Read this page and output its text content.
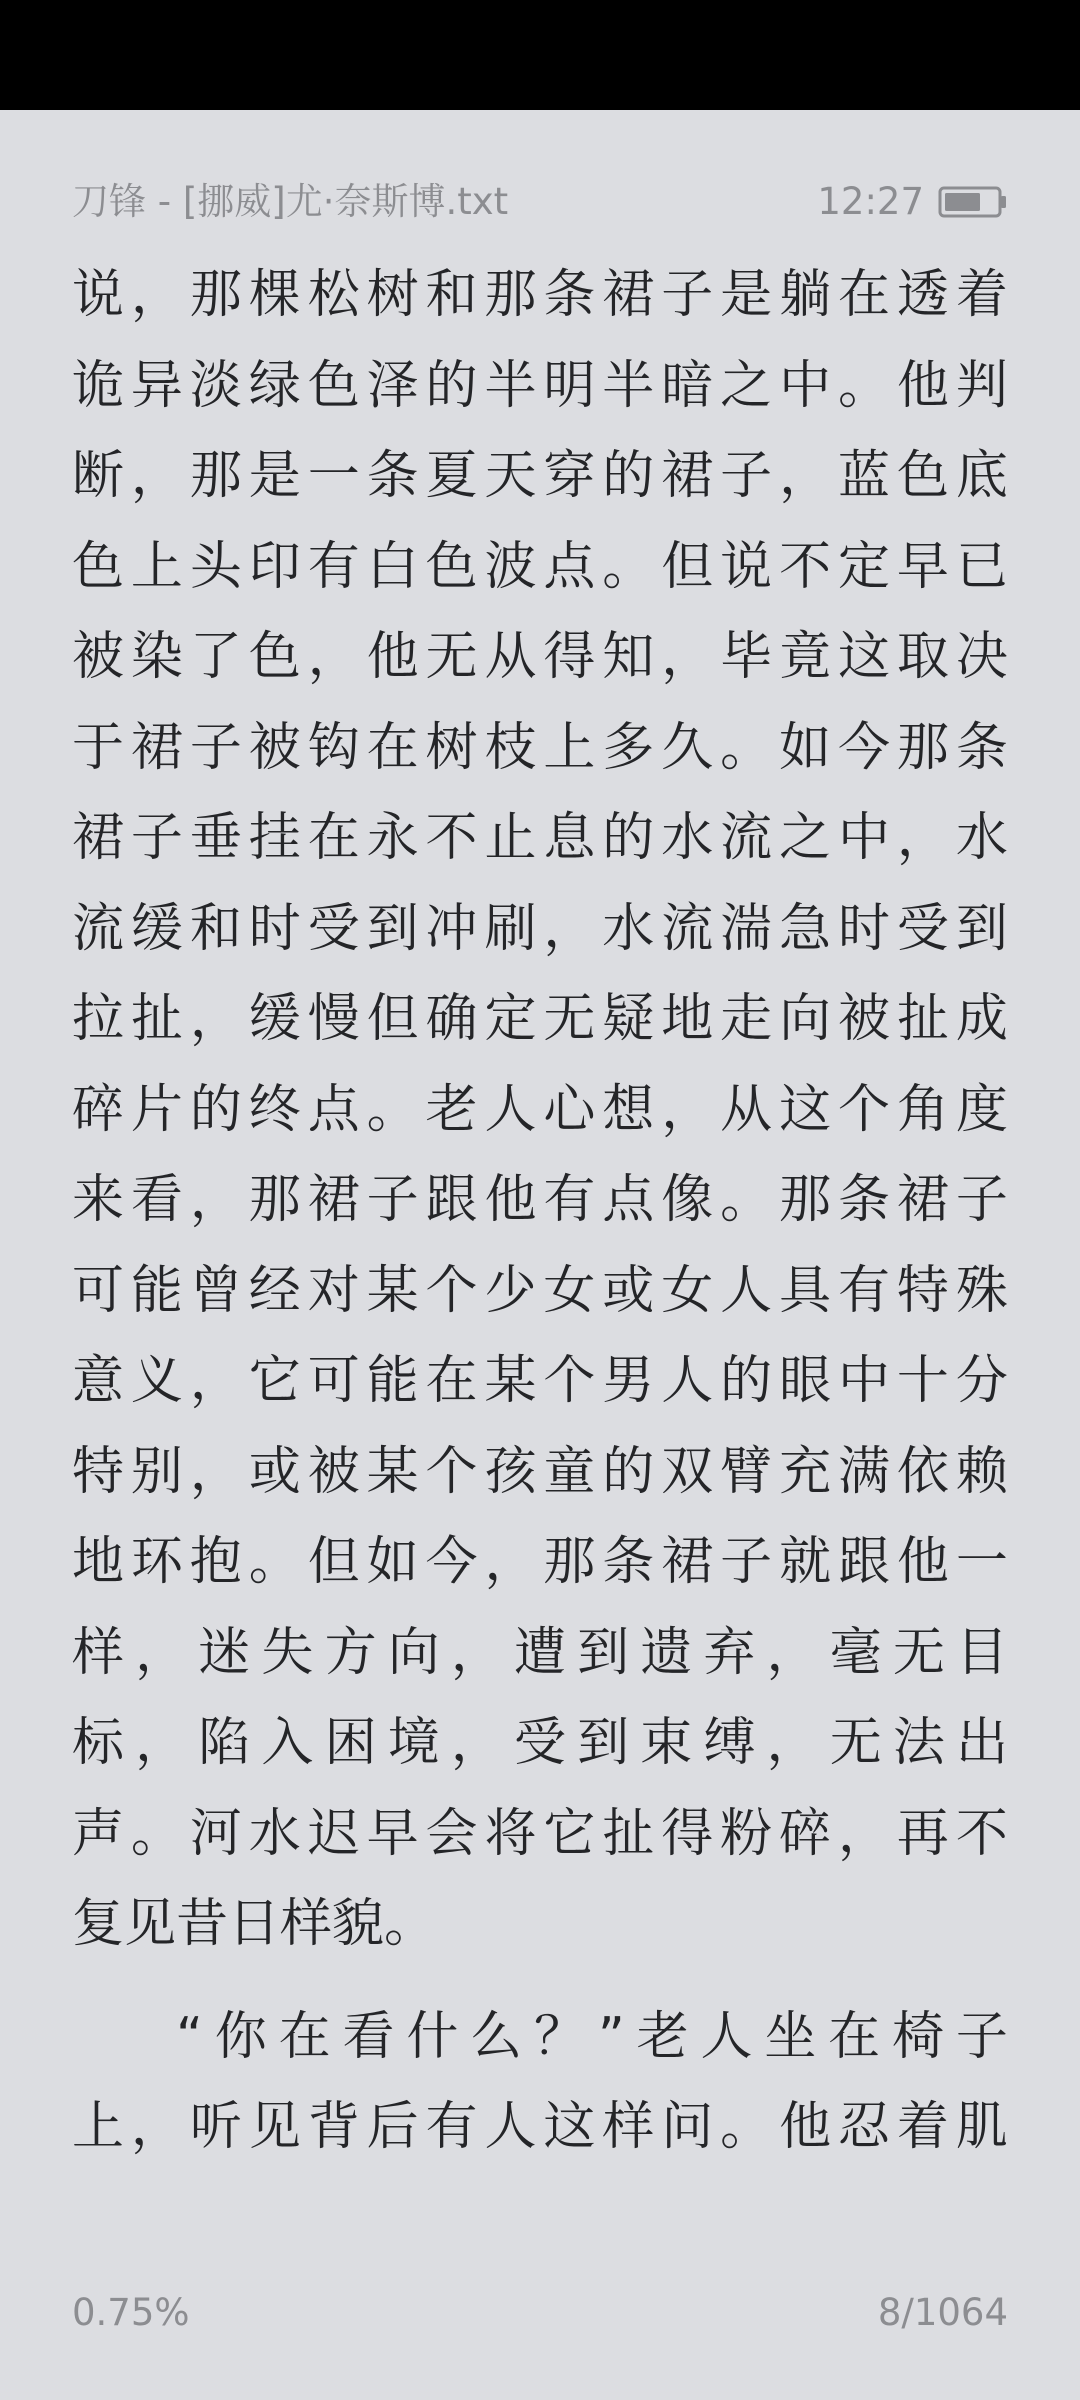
刀锋 - [挪威]尤·奈斯博.txt	12:27
说 ， 那 棵 松 树 和 那 条 裙 子 是 躺 在 透 着
诡 异 淡 绿 色 泽 的 半 明 半 暗 之 中 。 他 判
断 ， 那 是 一 条 夏 天 穿 的 裙 子 ， 蓝 色 底
色 上 头 印 有 白 色 波 点 。 但 说 不 定 早 已
被 染 了 色 ， 他 无 从 得 知 ， 毕 竟 这 取 决
于 裙 子 被 钩 在 树 枝 上 多 久 。 如 今 那 条
裙 子 垂 挂 在 永 不 止 息 的 水 流 之 中 ， 水
流 缓 和 时 受 到 冲 刷 ， 水 流 湍 急 时 受 到
拉 扯 ， 缓 慢 但 确 定 无 疑 地 走 向 被 扯 成
碎 片 的 终 点 。 老 人 心 想 ， 从 这 个 角 度
来 看 ， 那 裙 子 跟 他 有 点 像 。 那 条 裙 子
可 能 曾 经 对 某 个 少 女 或 女 人 具 有 特 殊
意 义 ， 它 可 能 在 某 个 男 人 的 眼 中 十 分
特 别 ， 或 被 某 个 孩 童 的 双 臂 充 满 依 赖
地 环 抱 。 但 如 今 ， 那 条 裙 子 就 跟 他 一
样 ， 迷 失 方 向 ， 遭 到 遗 弃 ， 毫 无 目
标 ， 陷 入 困 境 ， 受 到 束 缚 ， 无 法 出
声 。 河 水 迟 早 会 将 它 扯 得 粉 碎 ， 再 不
复见昔日样貌。
“ 你 在 看 什 么 ？ ” 老 人 坐 在 椅 子
上 ， 听 见 背 后 有 人 这 样 问 。 他 忍 着 肌
0.75%	8/1064
